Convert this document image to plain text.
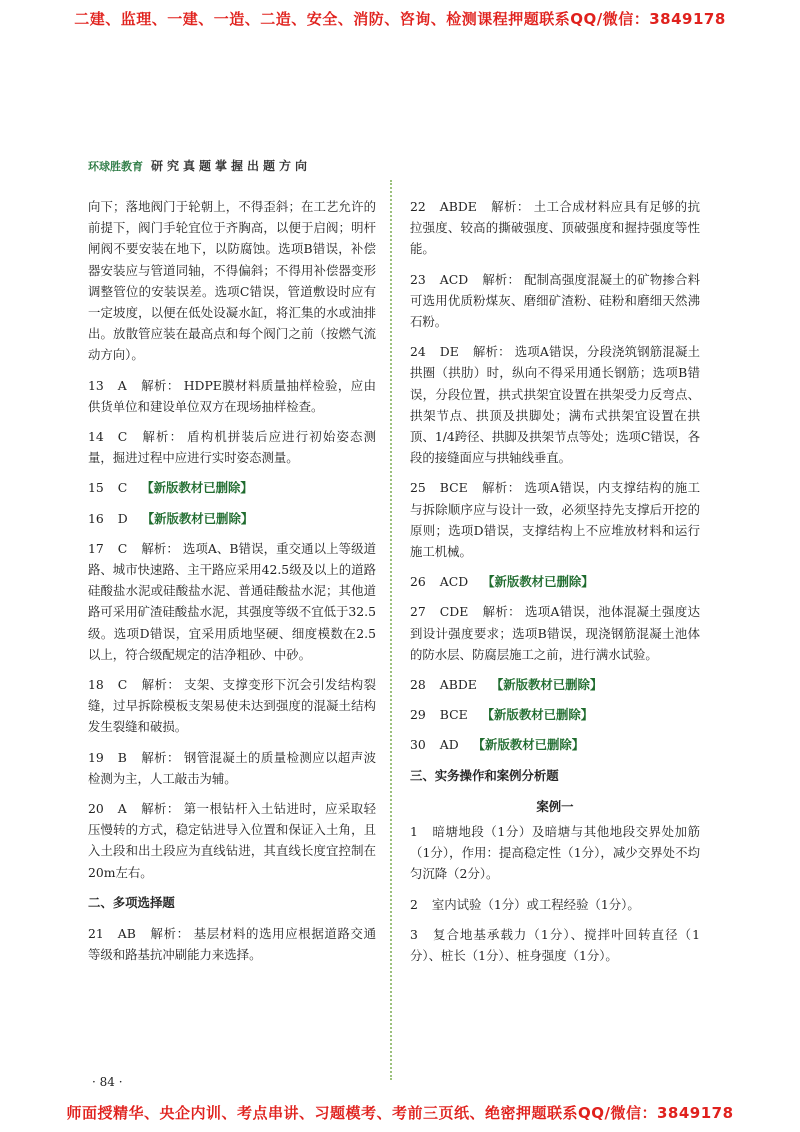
二建、监理、一建、一造、二造、安全、消防、咨询、检测课程押题联系QQ/微信：3849178
环球胜教育 研究真题掌握出题方向

向下；落地阀门于轮朝上，不得歪斜；在工艺允许的前提下，阀门手轮宜位于齐胸高，以便于启阀；明杆闸阀不要安装在地下，以防腐蚀。选项B错误，补偿器安装应与管道同轴，不得偏斜；不得用补偿器变形调整管位的安装误差。选项C错误，管道敷设时应有一定坡度，以便在低处设凝水缸，将汇集的水或油排出。放散管应装在最高点和每个阀门之前（按燃气流动方向）。

13 A 解析： HDPE膜材料质量抽样检验，应由供货单位和建设单位双方在现场抽样检查。

14 C 解析： 盾构机拼装后应进行初始姿态测量，掘进过程中应进行实时姿态测量。

15 C 【新版教材已删除】

16 D 【新版教材已删除】

17 C 解析： 选项A、B错误，重交通以上等级道路、城市快速路、主干路应采用42.5级及以上的道路硅酸盐水泥或硅酸盐水泥、普通硅酸盐水泥；其他道路可采用矿渣硅酸盐水泥，其强度等级不宜低于32.5级。选项D错误，宜采用质地坚硬、细度模数在2.5以上，符合级配规定的洁净粗砂、中砂。

18 C 解析： 支架、支撑变形下沉会引发结构裂缝，过早拆除模板支架易使未达到强度的混凝土结构发生裂缝和破损。

19 B 解析： 钢管混凝土的质量检测应以超声波检测为主，人工敲击为辅。

20 A 解析： 第一根钻杆入土钻进时，应采取轻压慢转的方式，稳定钻进导入位置和保证入土角，且入土段和出土段应为直线钻进，其直线长度宜控制在20m左右。

二、多项选择题

21 AB 解析： 基层材料的选用应根据道路交通等级和路基抗冲刷能力来选择。

22 ABDE 解析： 土工合成材料应具有足够的抗拉强度、较高的撕破强度、顶破强度和握持强度等性能。

23 ACD 解析： 配制高强度混凝土的矿物掺合料可选用优质粉煤灰、磨细矿渣粉、硅粉和磨细天然沸石粉。

24 DE 解析： 选项A错误，分段浇筑钢筋混凝土拱圈（拱肋）时，纵向不得采用通长钢筋；选项B错误，分段位置，拱式拱架宜设置在拱架受力反弯点、拱架节点、拱顶及拱脚处；满布式拱架宜设置在拱顶、1/4跨径、拱脚及拱架节点等处；选项C错误，各段的接缝面应与拱轴线垂直。

25 BCE 解析： 选项A错误，内支撑结构的施工与拆除顺序应与设计一致，必须坚持先支撑后开挖的原则；选项D错误，支撑结构上不应堆放材料和运行施工机械。

26 ACD 【新版教材已删除】

27 CDE 解析： 选项A错误，池体混凝土强度达到设计强度要求；选项B错误，现浇钢筋混凝土池体的防水层、防腐层施工之前，进行满水试验。

28 ABDE 【新版教材已删除】

29 BCE 【新版教材已删除】

30 AD 【新版教材已删除】

三、实务操作和案例分析题
案例一

1 暗塘地段（1分）及暗塘与其他地段交界处加筋（1分），作用：提高稳定性（1分），减少交界处不均匀沉降（2分）。

2 室内试验（1分）或工程经验（1分）。

3 复合地基承载力（1分）、搅拌叶回转直径（1分）、桩长（1分）、桩身强度（1分）。

· 84 ·
师面授精华、央企内训、考点串讲、习题模考、考前三页纸、绝密押题联系QQ/微信：3849178
